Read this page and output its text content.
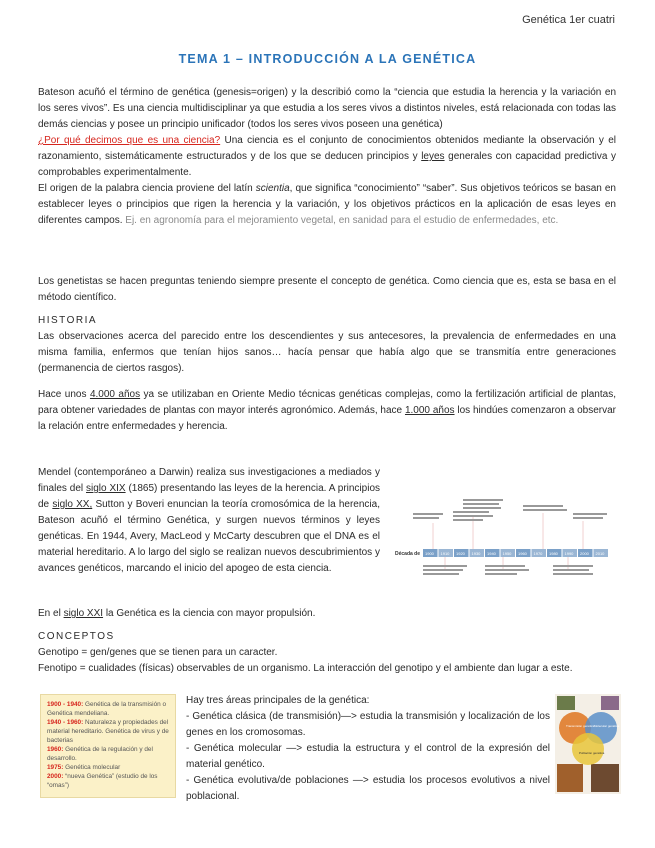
Genética 1er cuatri
TEMA 1 – INTRODUCCIÓN A LA GENÉTICA
Bateson acuñó el término de genética (genesis=origen) y la describió como la “ciencia que estudia la herencia y la variación en los seres vivos”. Es una ciencia multidisciplinar ya que estudia a los seres vivos a distintos niveles, está relacionada con todas las demás ciencias y posee un principio unificador (todos los seres vivos poseen una genética)
¿Por qué decimos que es una ciencia? Una ciencia es el conjunto de conocimientos obtenidos mediante la observación y el razonamiento, sistemáticamente estructurados y de los que se deducen principios y leyes generales con capacidad predictiva y comprobables experimentalmente.
El origen de la palabra ciencia proviene del latín scientia, que significa “conocimiento” “saber”. Sus objetivos teóricos se basan en establecer leyes o principios que rigen la herencia y la variación, y los objetivos prácticos en la aplicación de esas leyes en diferentes campos. Ej. en agronomía para el mejoramiento vegetal, en sanidad para el estudio de enfermedades, etc.
Los genetistas se hacen preguntas teniendo siempre presente el concepto de genética. Como ciencia que es, esta se basa en el método científico.
HISTORIA
Las observaciones acerca del parecido entre los descendientes y sus antecesores, la prevalencia de enfermedades en una misma familia, enfermos que tenían hijos sanos… hacía pensar que había algo que se transmitía entre generaciones (permanencia de ciertos rasgos).
Hace unos 4.000 años ya se utilizaban en Oriente Medio técnicas genéticas complejas, como la fertilización artificial de plantas, para obtener variedades de plantas con mayor interés agronómico. Además, hace 1.000 años los hindúes comenzaron a observar la relación entre enfermedades y herencia.
Mendel (contemporáneo a Darwin) realiza sus investigaciones a mediados y finales del siglo XIX (1865) presentando las leyes de la herencia. A principios de siglo XX, Sutton y Boveri enuncian la teoría cromosómica de la herencia, Bateson acuñó el término Genética, y surgen nuevos términos y leyes genéticas. En 1944, Avery, MacLeod y McCarty descubren que el DNA es el material hereditario. A lo largo del siglo se realizan nuevos descubrimientos y avances genéticos, marcando el inicio del apogeo de esta ciencia.
Década de 1900 1910 1920 1930 1940 1950 1960 1970 1980 1990 2000 2010
En el siglo XXI la Genética es la ciencia con mayor propulsión.
CONCEPTOS
Genotipo = gen/genes que se tienen para un caracter.
Fenotipo = cualidades (físicas) observables de un organismo. La interacción del genotipo y el ambiente dan lugar a este.
1900 - 1940: Genética de la transmisión o Genética mendeliana.
1940 - 1960: Naturaleza y propiedades del material hereditario. Genética de virus y de bacterias
1960: Genética de la regulación y del desarrollo.
1975: Genética molecular
2000: “nueva Genética” (estudio de los “omas”)
Hay tres áreas principales de la genética:
- Genética clásica (de transmisión)—> estudia la transmisión y localización de los genes en los cromosomas.
- Genética molecular —> estudia la estructura y el control de la expresión del material genético.
- Genética evolutiva/de poblaciones —> estudia los procesos evolutivos a nivel poblacional.
Transmisión genética Molecular genética
Población genética
